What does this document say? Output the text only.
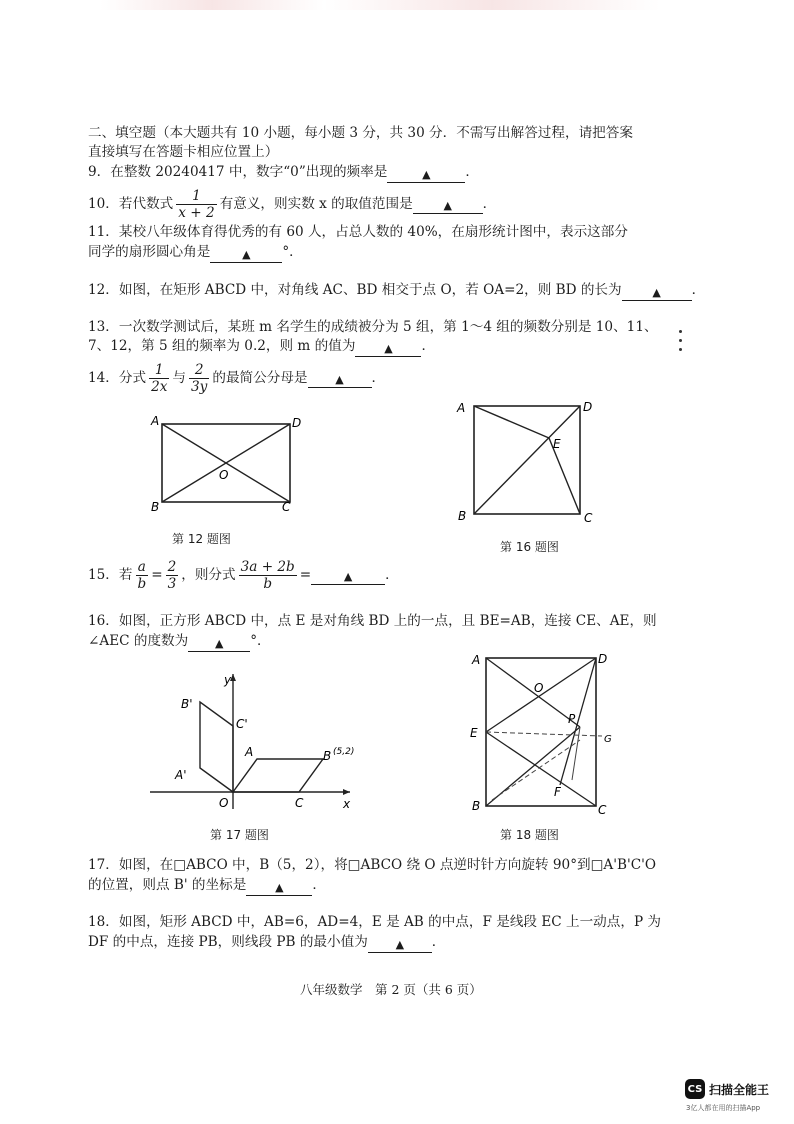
二、填空题（本大题共有 10 小题，每小题 3 分，共 30 分．不需写出解答过程，请把答案
直接填写在答题卡相应位置上）
9．在整数 20240417 中，数字“0”出现的频率是	▲	．
10．若代数式 $\frac{1}{x + 2}$ 有意义，则实数 x 的取值范围是	▲	．
11．某校八年级体育得优秀的有 60 人，占总人数的 40%，在扇形统计图中，表示这部分
同学的扇形圆心角是	▲ °．
12．如图，在矩形 ABCD 中，对角线 AC、BD 相交于点 O，若 OA=2，则 BD 的长为	▲ ．
13．一次数学测试后，某班 m 名学生的成绩被分为 5 组，第 1～4 组的频数分别是 10、11、
7、12，第 5 组的频率为 0.2，则 m 的值为	▲ ．
14．分式 $\frac{1}{2x}$ 与 $\frac{2}{3y}$ 的最简公分母是	▲	．
A	D
B	C
O
第 12 题图
A	D
E
B	C
第 16 题图
15．若 $\frac{a}{b} = \frac{2}{3}$ ，则分式 $\frac{3a + 2b}{b}$ =	▲	．
16．如图，正方形 ABCD 中，点 E 是对角线 BD 上的一点，且 BE=AB，连接 CE、AE，则
∠AEC 的度数为 ▲ °．
y
x
O
A	B (5,2)
C
A'
B'
C'
第 17 题图
A	D
E
B	C
P
F
O
G
第 18 题图
17．如图，在□ABCO 中，B（5，2），将□ABCO 绕 O 点逆时针方向旋转 90°到□A'B'C'O
的位置，则点 B' 的坐标是	▲ ．
18．如图，矩形 ABCD 中，AB=6，AD=4，E 是 AB 的中点，F 是线段 EC 上一动点，P 为
DF 的中点，连接 PB，则线段 PB 的最小值为	▲ ．
八年级数学　第 2 页（共 6 页）
CS 扫描全能王
3亿人都在用的扫描App
